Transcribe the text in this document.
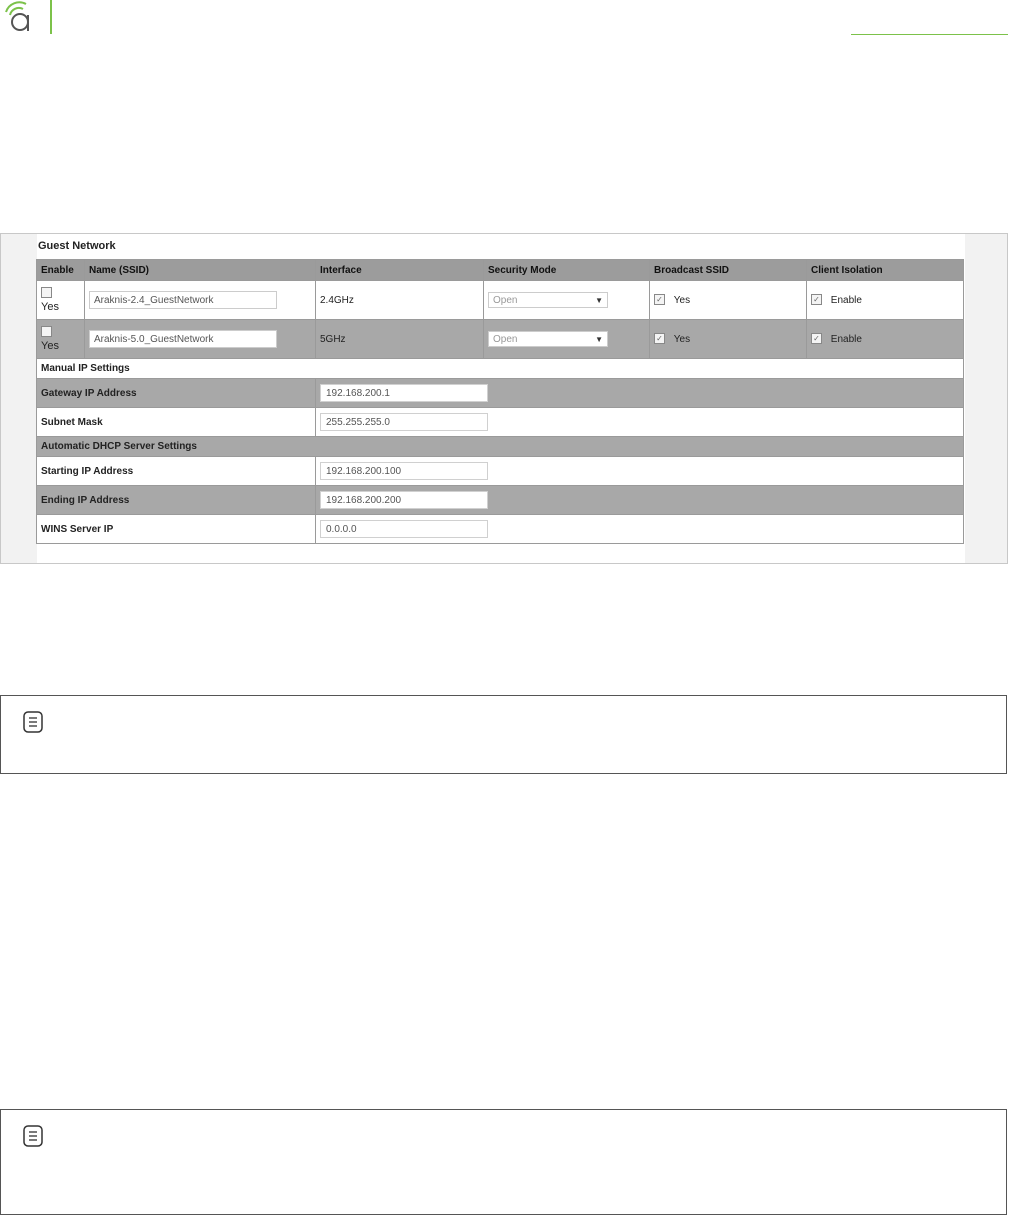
Guest Network
Enable	Name (SSID)	Interface	Security Mode	Broadcast SSID	Client Isolation

Yes	Araknis-2.4_GuestNetwork	2.4GHz	Open ▼	✓ Yes	✓ Enable

Yes	Araknis-5.0_GuestNetwork	5GHz	Open ▼	✓ Yes	✓ Enable
Manual IP Settings					
Gateway IP Address		192.168.200.1			
Subnet Mask		255.255.255.0			
Automatic DHCP Server Settings					
Starting IP Address		192.168.200.100			
Ending IP Address		192.168.200.200			
WINS Server IP		0.0.0.0			
